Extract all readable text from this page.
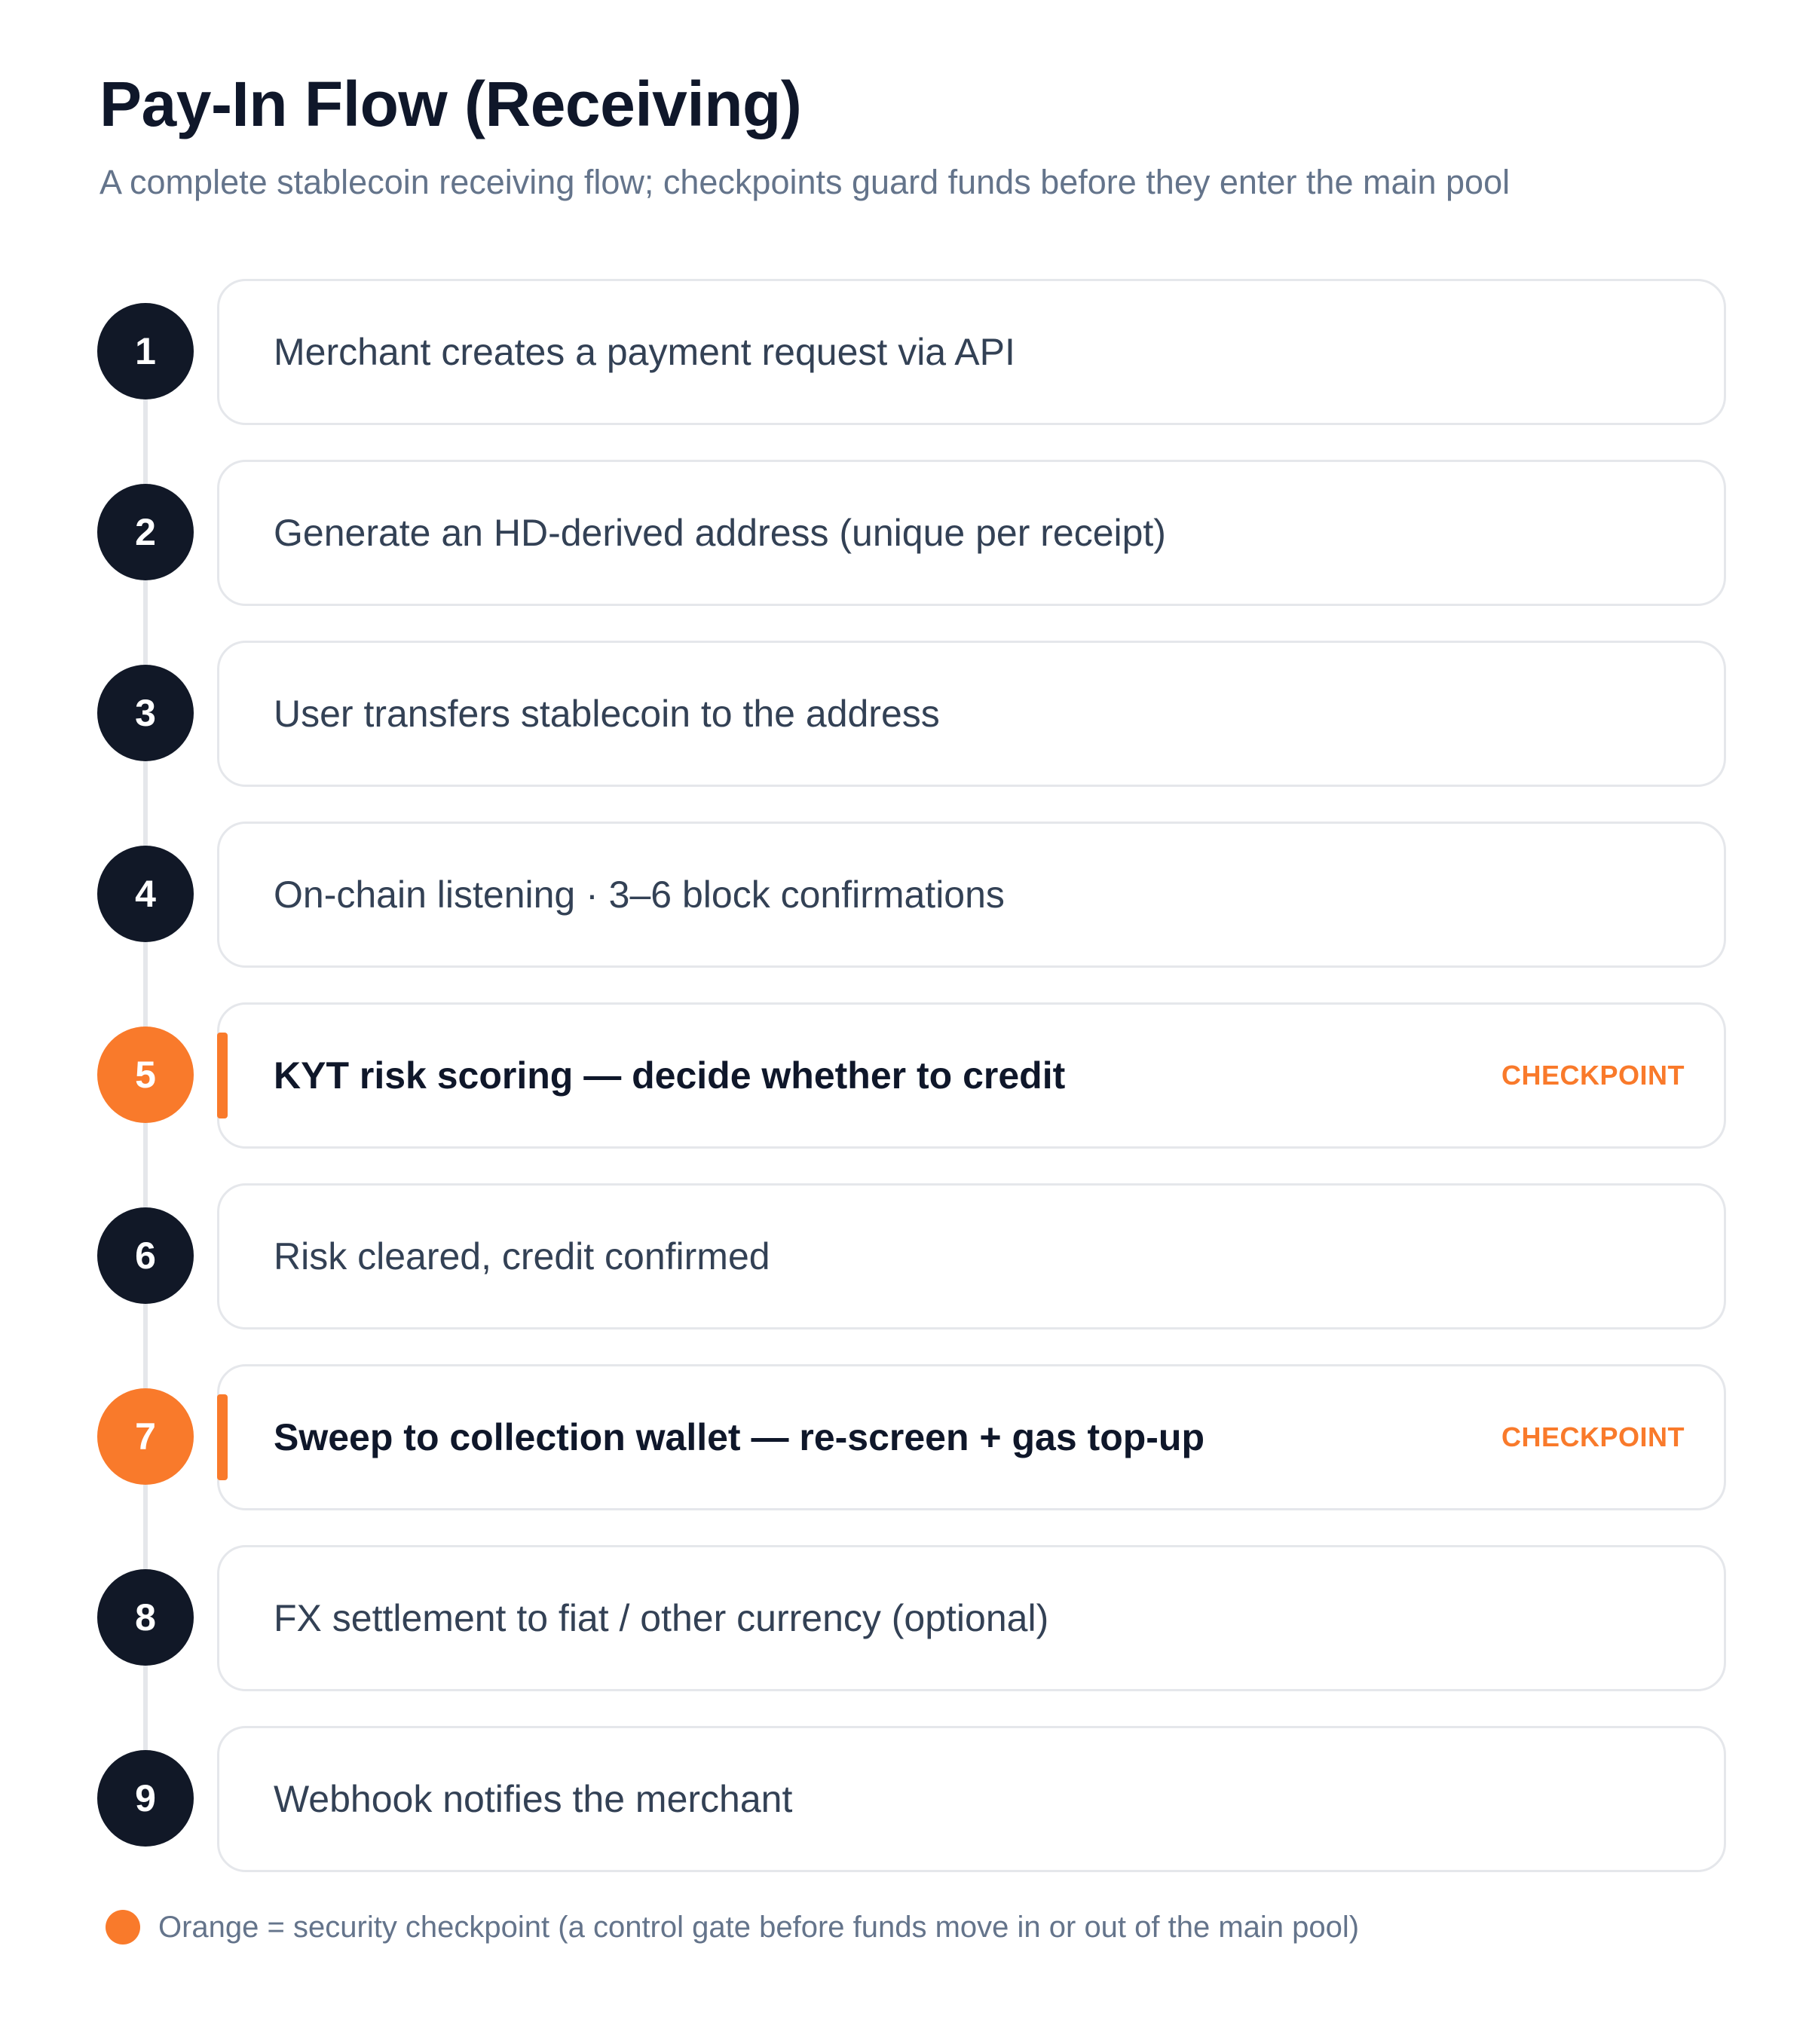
Pay-In Flow (Receiving)

A complete stablecoin receiving flow; checkpoints guard funds before they enter the main pool

1	Merchant creates a payment request via API
2	Generate an HD-derived address (unique per receipt)
3	User transfers stablecoin to the address
4	On-chain listening · 3–6 block confirmations
5	KYT risk scoring — decide whether to credit	CHECKPOINT
6	Risk cleared, credit confirmed
7	Sweep to collection wallet — re-screen + gas top-up	CHECKPOINT
8	FX settlement to fiat / other currency (optional)
9	Webhook notifies the merchant
Orange = security checkpoint (a control gate before funds move in or out of the main pool)
